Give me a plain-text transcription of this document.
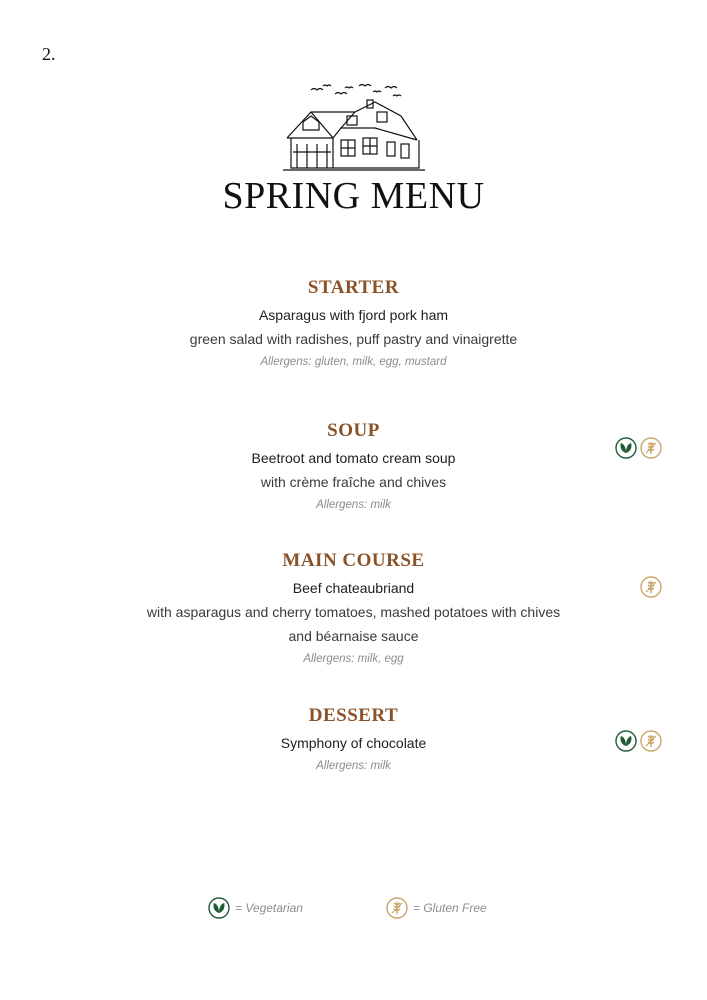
2.
SPRING MENU
STARTER
Asparagus with fjord pork ham
green salad with radishes, puff pastry and vinaigrette
Allergens: gluten, milk, egg, mustard
SOUP
Beetroot and tomato cream soup
with crème fraîche and chives
Allergens: milk
MAIN COURSE
Beef chateaubriand
with asparagus and cherry tomatoes, mashed potatoes with chives
and béarnaise sauce
Allergens: milk, egg
DESSERT
Symphony of chocolate
Allergens: milk
= Vegetarian	= Gluten Free
